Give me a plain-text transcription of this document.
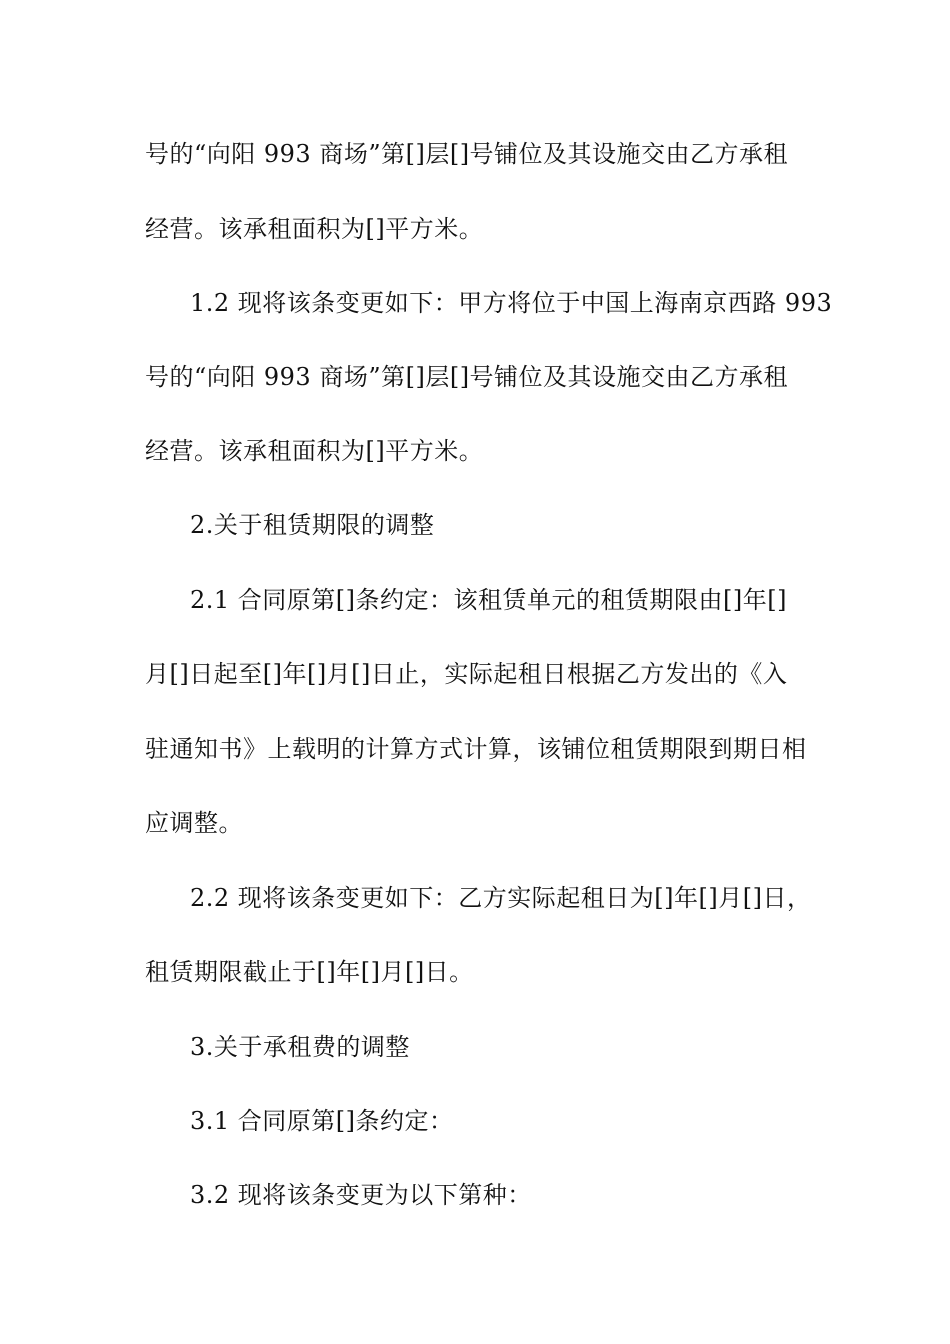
号的“向阳 993 商场”第[]层[]号铺位及其设施交由乙方承租
经营。该承租面积为[]平方米。
1.2 现将该条变更如下：甲方将位于中国上海南京西路 993
号的“向阳 993 商场”第[]层[]号铺位及其设施交由乙方承租
经营。该承租面积为[]平方米。
2.关于租赁期限的调整
2.1 合同原第[]条约定：该租赁单元的租赁期限由[]年[]
月[]日起至[]年[]月[]日止，实际起租日根据乙方发出的《入
驻通知书》上载明的计算方式计算，该铺位租赁期限到期日相
应调整。
2.2 现将该条变更如下：乙方实际起租日为[]年[]月[]日，
租赁期限截止于[]年[]月[]日。
3.关于承租费的调整
3.1 合同原第[]条约定：
3.2 现将该条变更为以下第种：
